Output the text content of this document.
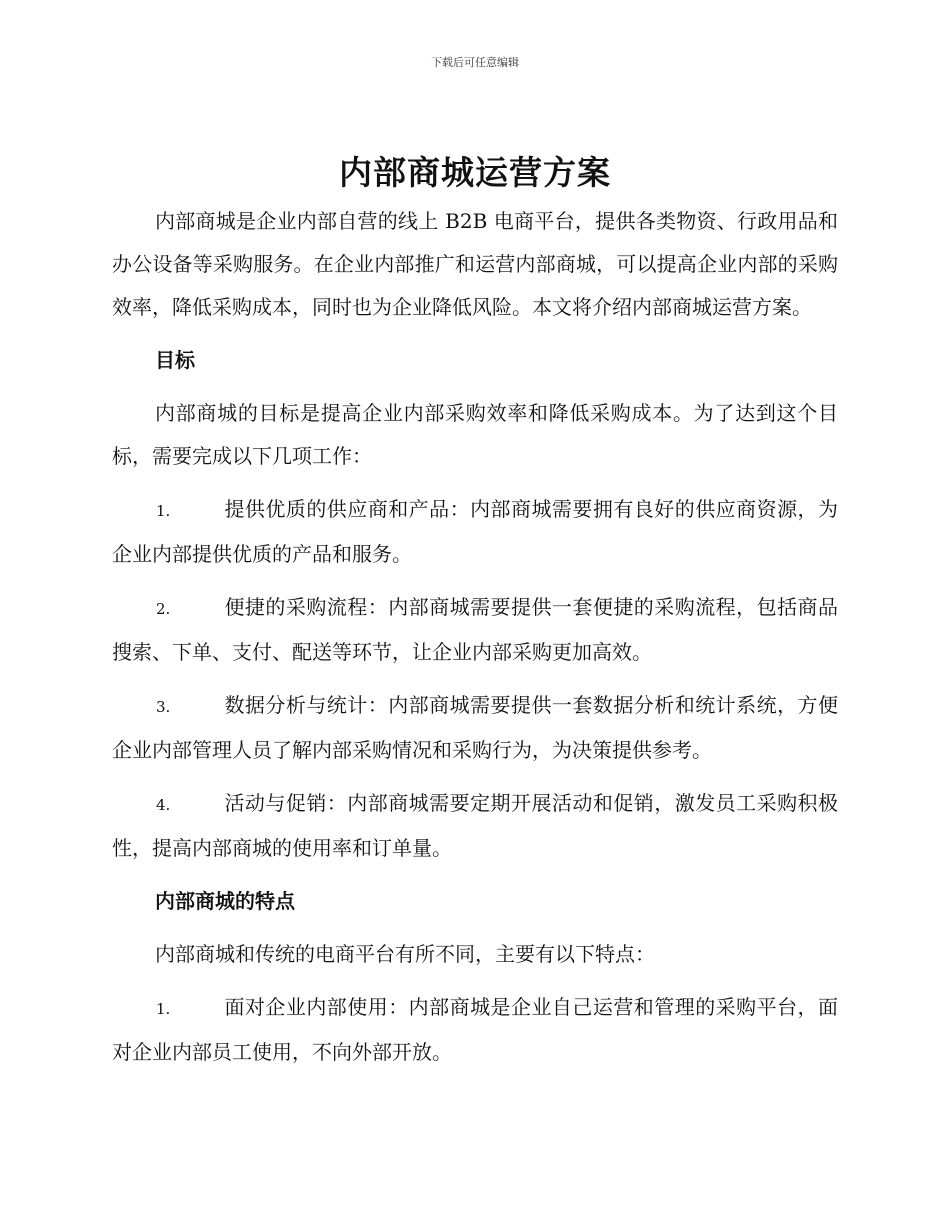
下载后可任意编辑
内部商城运营方案

内部商城是企业内部自营的线上 B2B 电商平台，提供各类物资、行政用品和办公设备等采购服务。在企业内部推广和运营内部商城，可以提高企业内部的采购效率，降低采购成本，同时也为企业降低风险。本文将介绍内部商城运营方案。

目标

内部商城的目标是提高企业内部采购效率和降低采购成本。为了达到这个目标，需要完成以下几项工作：

1.	提供优质的供应商和产品：内部商城需要拥有良好的供应商资源，为企业内部提供优质的产品和服务。

2.	便捷的采购流程：内部商城需要提供一套便捷的采购流程，包括商品搜索、下单、支付、配送等环节，让企业内部采购更加高效。

3.	数据分析与统计：内部商城需要提供一套数据分析和统计系统，方便企业内部管理人员了解内部采购情况和采购行为，为决策提供参考。

4.	活动与促销：内部商城需要定期开展活动和促销，激发员工采购积极性，提高内部商城的使用率和订单量。

内部商城的特点

内部商城和传统的电商平台有所不同，主要有以下特点：

1.	面对企业内部使用：内部商城是企业自己运营和管理的采购平台，面对企业内部员工使用，不向外部开放。
